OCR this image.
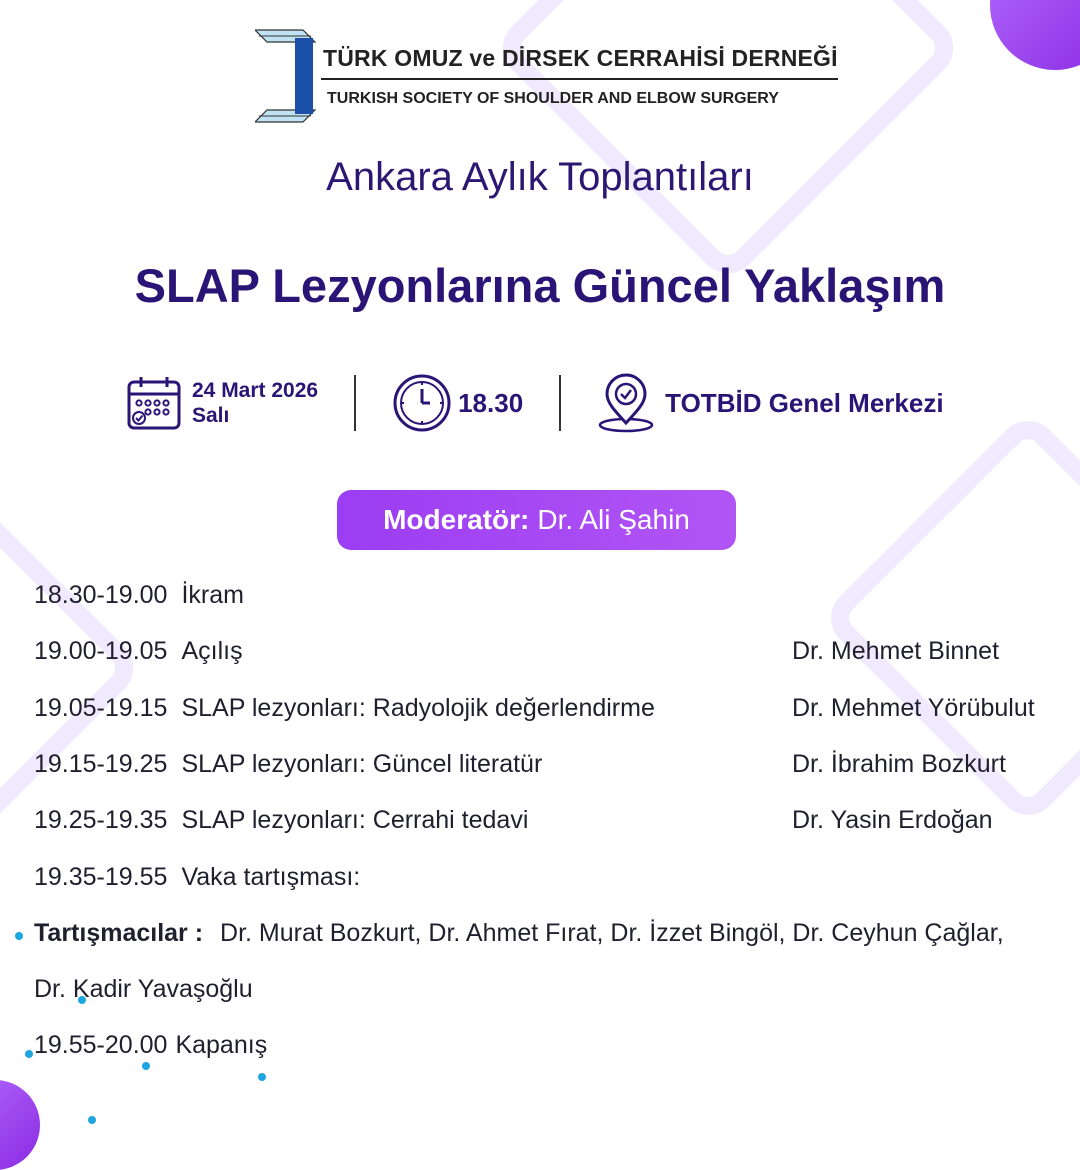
TÜRK OMUZ ve DİRSEK CERRAHİSİ DERNEĞİ
TURKISH SOCIETY OF SHOULDER AND ELBOW SURGERY
Ankara Aylık Toplantıları
SLAP Lezyonlarına Güncel Yaklaşım
24 Mart 2026
Salı	18.30	TOTBİD Genel Merkezi
Moderatör: Dr. Ali Şahin
18.30-19.00 İkram
19.00-19.05 Açılış	Dr. Mehmet Binnet
19.05-19.15 SLAP lezyonları: Radyolojik değerlendirme	Dr. Mehmet Yörübulut
19.15-19.25 SLAP lezyonları: Güncel literatür	Dr. İbrahim Bozkurt
19.25-19.35 SLAP lezyonları: Cerrahi tedavi	Dr. Yasin Erdoğan
19.35-19.55 Vaka tartışması:
Tartışmacılar : Dr. Murat Bozkurt, Dr. Ahmet Fırat, Dr. İzzet Bingöl, Dr. Ceyhun Çağlar,
Dr. Kadir Yavaşoğlu
19.55-20.00 Kapanış
